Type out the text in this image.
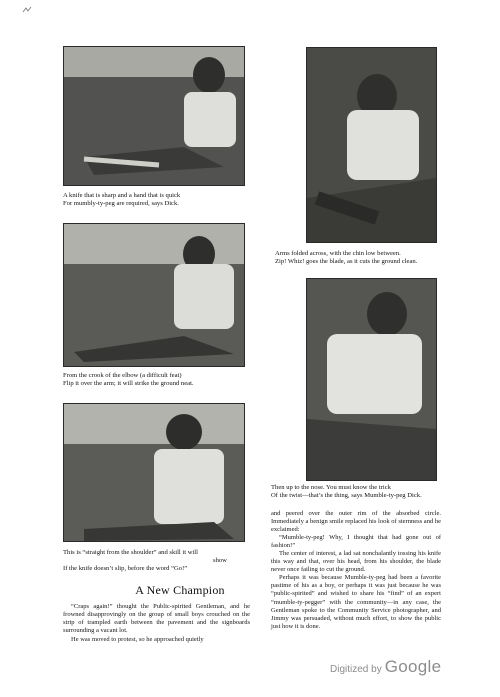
A knife that is sharp and a hand that is quick
For mumbly-ty-peg are required, says Dick.
Arms folded across, with the chin low between.
Zip! Whiz! goes the blade, as it cuts the ground clean.
From the crook of the elbow (a difficult feat)
Flip it over the arm; it will strike the ground neat.
Then up to the nose. You must know the trick
Of the twist—that’s the thing, says Mumble-ty-peg Dick.
This is “straight from the shoulder” and skill it will
show
If the knife doesn’t slip, before the word “Go!”
A New Champion

“Craps again!” thought the Public-spirited Gentleman, and he frowned disapprovingly on the group of small boys crouched on the strip of trampled earth between the pavement and the signboards surrounding a vacant lot.

He was moved to protest, so he approached quietly

and peered over the outer rim of the absorbed circle. Immediately a benign smile replaced his look of sternness and he exclaimed:

“Mumble-ty-peg! Why, I thought that had gone out of fashion!”

The center of interest, a lad sat nonchalantly tossing his knife this way and that, over his head, from his shoulder, the blade never once failing to cut the ground.

Perhaps it was because Mumble-ty-peg had been a favorite pastime of his as a boy, or perhaps it was just because he was “public-spirited” and wished to share his “find” of an expert “mumble-ty-pegger” with the community—in any case, the Gentleman spoke to the Community Service photographer, and Jimmy was persuaded, without much effort, to show the public just how it is done.

Digitized by Google
